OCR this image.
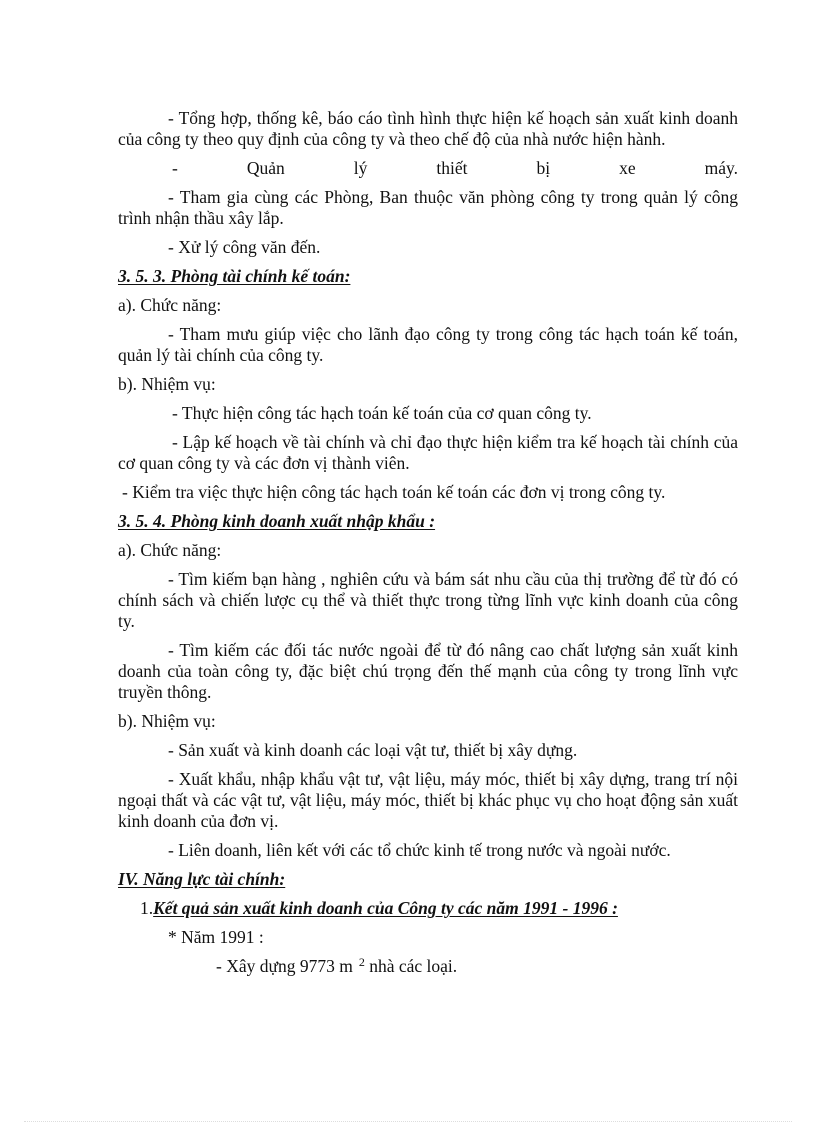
- Tổng hợp, thống kê, báo cáo tình hình thực hiện kế hoạch sản xuất kinh doanh của công ty theo quy định của công ty và theo chế độ của nhà nước hiện hành.

- Quản lý thiết bị xe máy.

- Tham gia cùng các Phòng, Ban thuộc văn phòng công ty trong quản lý công trình nhận thầu xây lắp.

- Xử lý công văn đến.

3. 5. 3. Phòng tài chính kế toán:

a). Chức năng:

- Tham mưu giúp việc cho lãnh đạo công ty trong công tác hạch toán kế toán, quản lý tài chính của công ty.

b). Nhiệm vụ:

- Thực hiện công tác hạch toán kế toán của cơ quan công ty.

- Lập kế hoạch về tài chính và chỉ đạo thực hiện kiểm tra kế hoạch tài chính của cơ quan công ty và các đơn vị thành viên.

- Kiểm tra việc thực hiện công tác hạch toán kế toán các đơn vị trong công ty.

3. 5. 4. Phòng kinh doanh xuất nhập khẩu :

a). Chức năng:

- Tìm kiếm bạn hàng , nghiên cứu và bám sát nhu cầu của thị trường để từ đó có chính sách và chiến lược cụ thể và thiết thực trong từng lĩnh vực kinh doanh của công ty.

- Tìm kiếm các đối tác nước ngoài để từ đó nâng cao chất lượng sản xuất kinh doanh của toàn công ty, đặc biệt chú trọng đến thế mạnh của công ty trong lĩnh vực truyền thông.

b). Nhiệm vụ:

- Sản xuất và kinh doanh các loại vật tư, thiết bị xây dựng.

- Xuất khẩu, nhập khẩu vật tư, vật liệu, máy móc, thiết bị xây dựng, trang trí nội ngoại thất và các vật tư, vật liệu, máy móc, thiết bị khác phục vụ cho hoạt động sản xuất kinh doanh của đơn vị.

- Liên doanh, liên kết với các tổ chức kinh tế trong nước và ngoài nước.

IV. Năng lực tài chính:

1.Kết quả sản xuất kinh doanh của Công ty các năm 1991 - 1996 :

* Năm 1991 :

- Xây dựng 9773 m $^2$ nhà các loại.
